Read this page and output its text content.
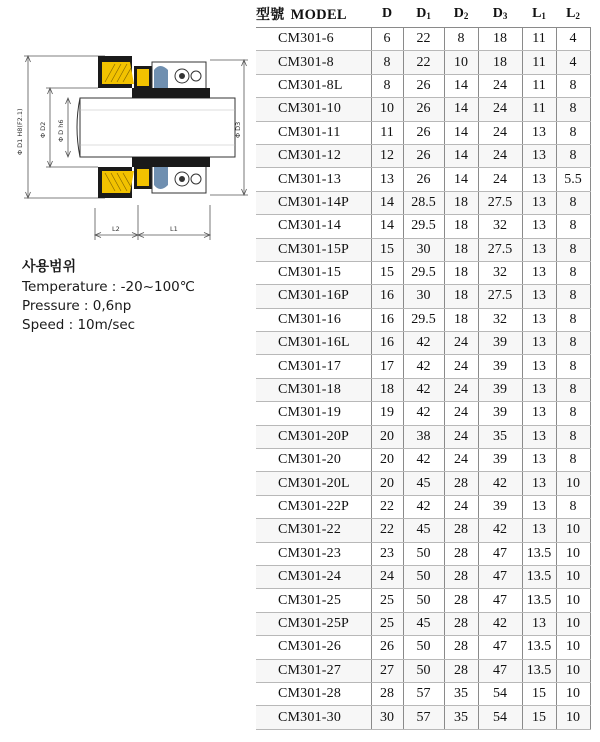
Φ D1 H8(F2.1) Φ D2 Φ D h6	Φ D3
L2	L1
사용범위
Temperature : -20~100℃
Pressure : 0,6np
Speed : 10m/sec
型號 MODEL	D	$D_1$	$D_2$	$D_3$	$L_1$	$L_2$
CM301-6	6	22	8	18	11	4
CM301-8	8	22	10	18	11	4
CM301-8L	8	26	14	24	11	8
CM301-10	10	26	14	24	11	8
CM301-11	11	26	14	24	13	8
CM301-12	12	26	14	24	13	8
CM301-13	13	26	14	24	13	5.5
CM301-14P	14	28.5	18	27.5	13	8
CM301-14	14	29.5	18	32	13	8
CM301-15P	15	30	18	27.5	13	8
CM301-15	15	29.5	18	32	13	8
CM301-16P	16	30	18	27.5	13	8
CM301-16	16	29.5	18	32	13	8
CM301-16L	16	42	24	39	13	8
CM301-17	17	42	24	39	13	8
CM301-18	18	42	24	39	13	8
CM301-19	19	42	24	39	13	8
CM301-20P	20	38	24	35	13	8
CM301-20	20	42	24	39	13	8
CM301-20L	20	45	28	42	13	10
CM301-22P	22	42	24	39	13	8
CM301-22	22	45	28	42	13	10
CM301-23	23	50	28	47	13.5	10
CM301-24	24	50	28	47	13.5	10
CM301-25	25	50	28	47	13.5	10
CM301-25P	25	45	28	42	13	10
CM301-26	26	50	28	47	13.5	10
CM301-27	27	50	28	47	13.5	10
CM301-28	28	57	35	54	15	10
CM301-30	30	57	35	54	15	10
